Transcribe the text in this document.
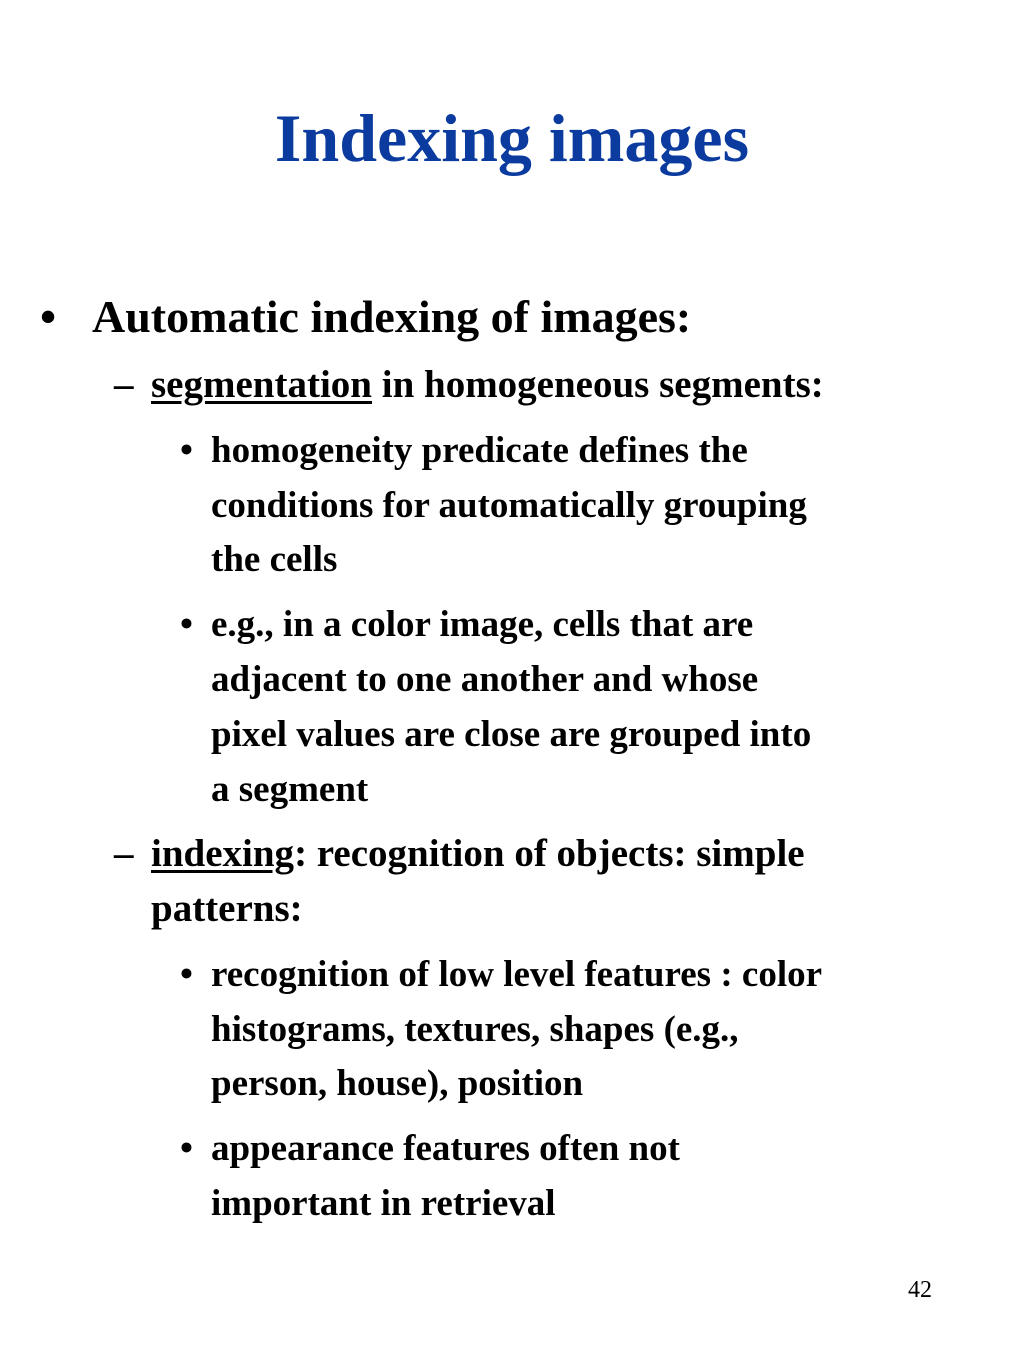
Indexing images
• Automatic indexing of images:
– segmentation in homogeneous segments:
• homogeneity predicate defines the
conditions for automatically grouping
the cells
• e.g., in a color image, cells that are
adjacent to one another and whose
pixel values are close are grouped into
a segment
– indexing: recognition of objects: simple
patterns:
• recognition of low level features : color
histograms, textures, shapes (e.g.,
person, house), position
• appearance features often not
important in retrieval
42
